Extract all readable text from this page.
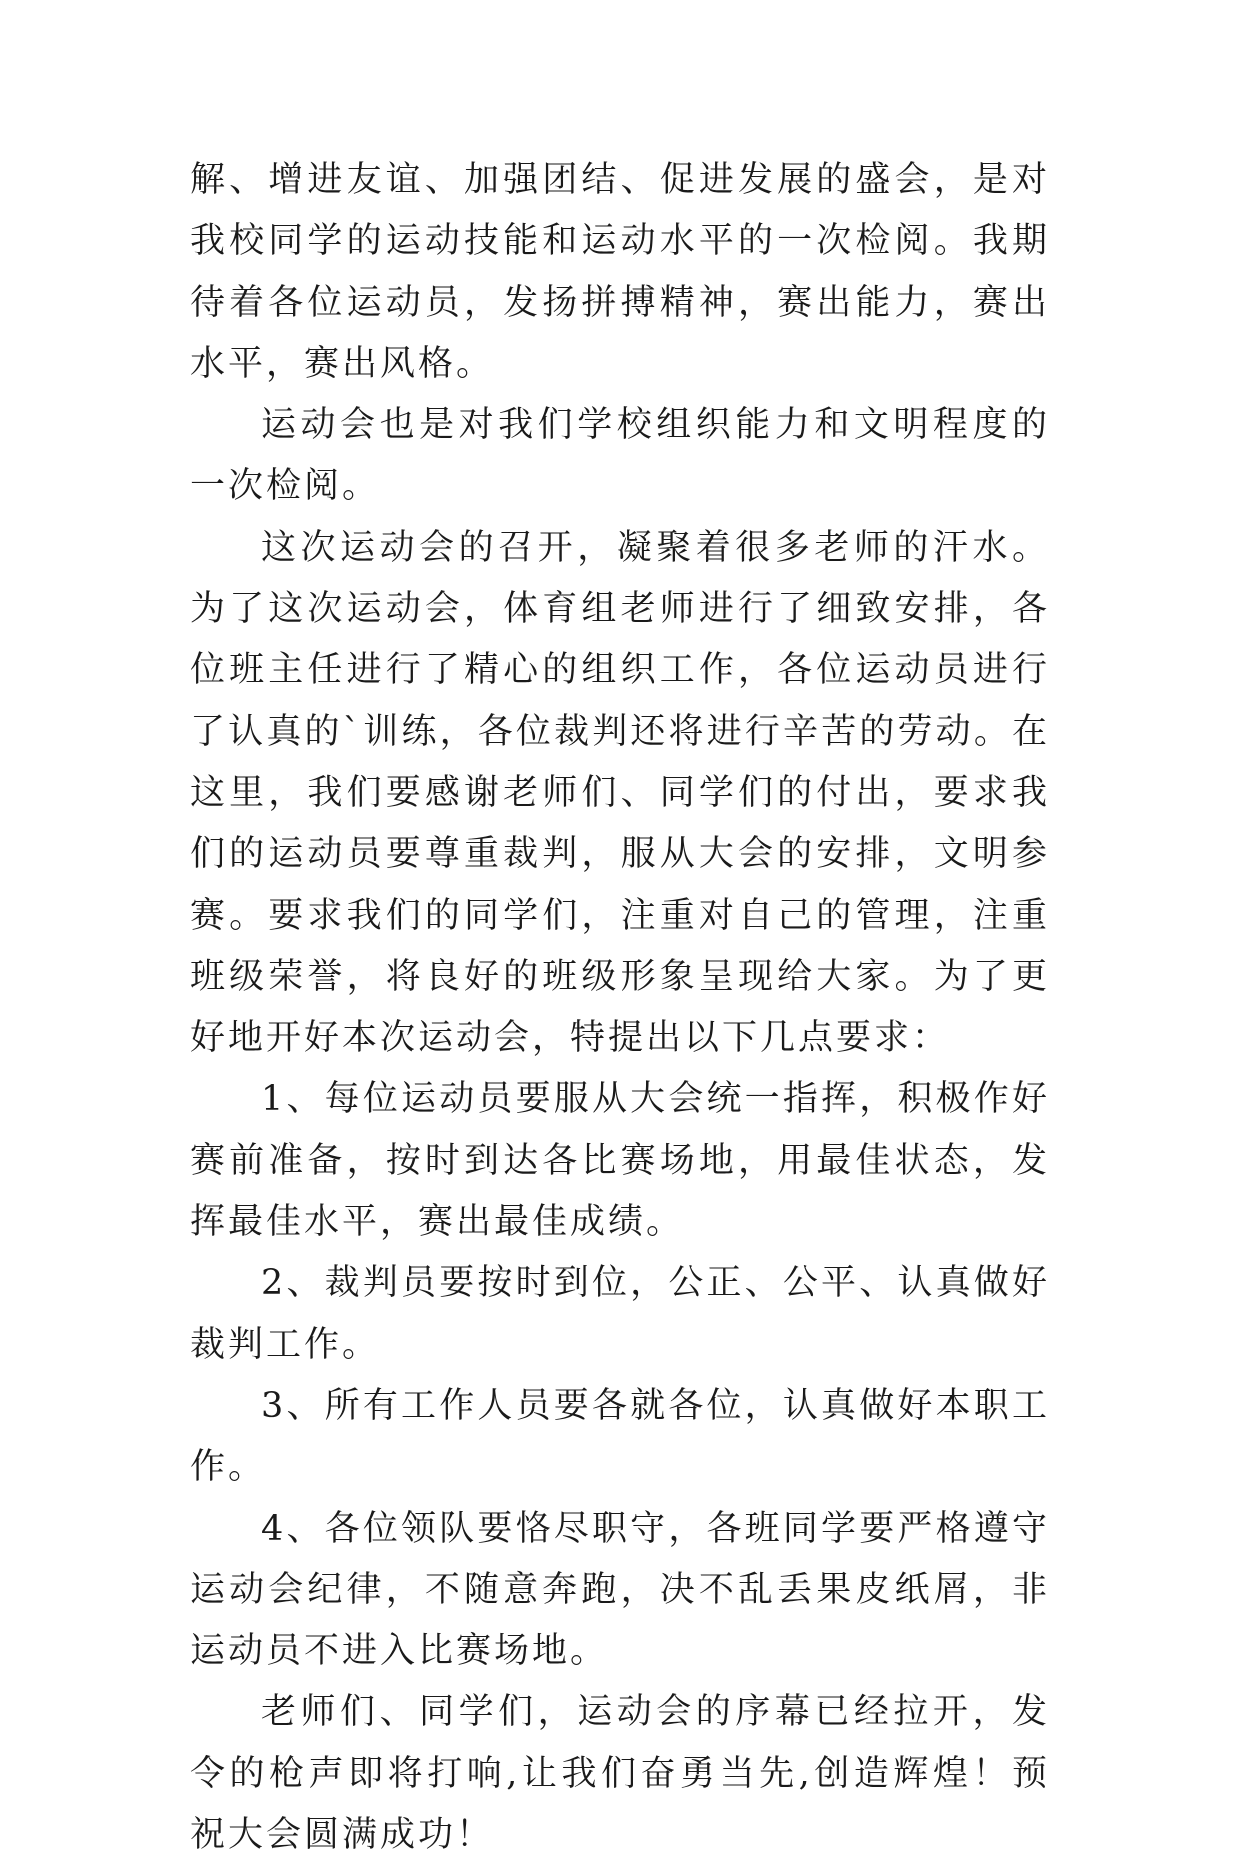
解、增进友谊、加强团结、促进发展的盛会，是对我校同学的运动技能和运动水平的一次检阅。我期待着各位运动员，发扬拼搏精神，赛出能力，赛出水平，赛出风格。

运动会也是对我们学校组织能力和文明程度的一次检阅。

这次运动会的召开，凝聚着很多老师的汗水。为了这次运动会，体育组老师进行了细致安排，各位班主任进行了精心的组织工作，各位运动员进行了认真的`训练，各位裁判还将进行辛苦的劳动。在这里，我们要感谢老师们、同学们的付出，要求我们的运动员要尊重裁判，服从大会的安排，文明参赛。要求我们的同学们，注重对自己的管理，注重班级荣誉，将良好的班级形象呈现给大家。为了更好地开好本次运动会，特提出以下几点要求：

1、每位运动员要服从大会统一指挥，积极作好赛前准备，按时到达各比赛场地，用最佳状态，发挥最佳水平，赛出最佳成绩。

2、裁判员要按时到位，公正、公平、认真做好裁判工作。

3、所有工作人员要各就各位，认真做好本职工作。

4、各位领队要恪尽职守，各班同学要严格遵守运动会纪律，不随意奔跑，决不乱丢果皮纸屑，非运动员不进入比赛场地。

老师们、同学们，运动会的序幕已经拉开，发令的枪声即将打响,让我们奋勇当先,创造辉煌！预祝大会圆满成功！
